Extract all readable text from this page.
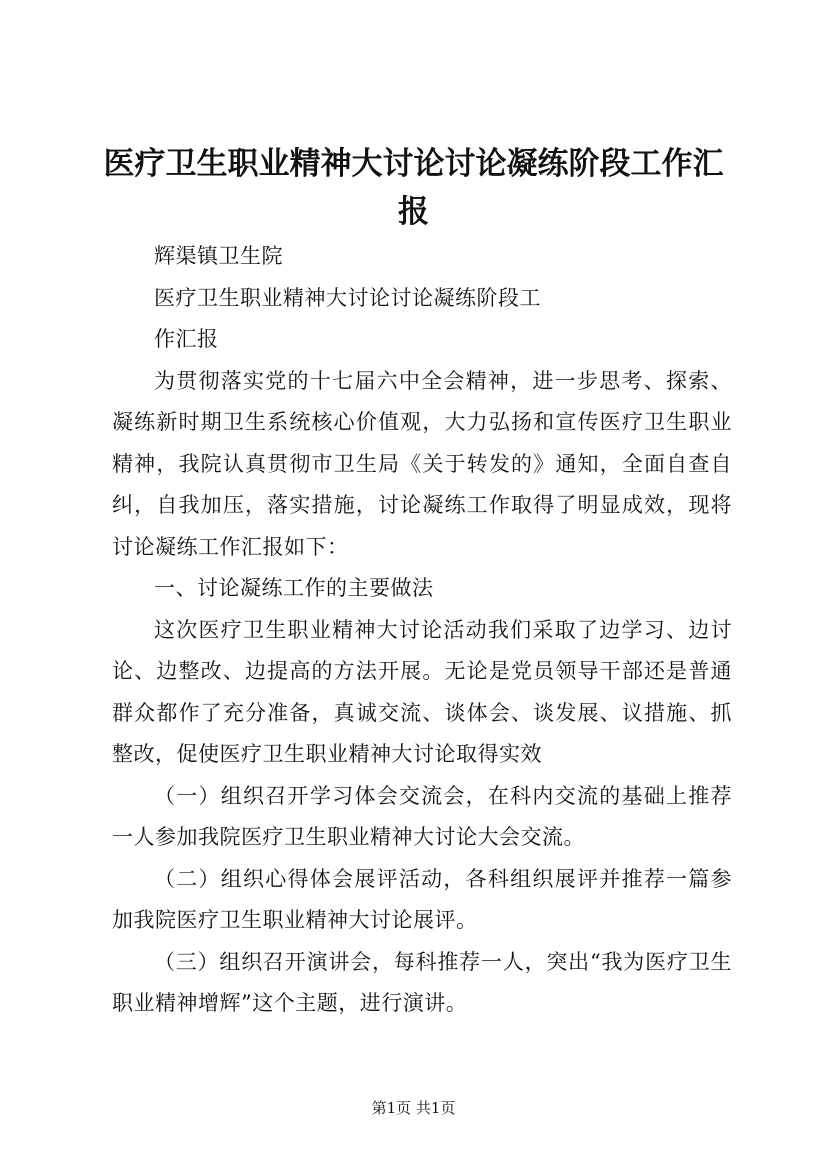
医疗卫生职业精神大讨论讨论凝练阶段工作汇报

辉渠镇卫生院

医疗卫生职业精神大讨论讨论凝练阶段工

作汇报

为贯彻落实党的十七届六中全会精神，进一步思考、探索、凝练新时期卫生系统核心价值观，大力弘扬和宣传医疗卫生职业精神，我院认真贯彻市卫生局《关于转发的》通知，全面自查自纠，自我加压，落实措施，讨论凝练工作取得了明显成效，现将讨论凝练工作汇报如下：

一、讨论凝练工作的主要做法

这次医疗卫生职业精神大讨论活动我们采取了边学习、边讨论、边整改、边提高的方法开展。无论是党员领导干部还是普通群众都作了充分准备，真诚交流、谈体会、谈发展、议措施、抓整改，促使医疗卫生职业精神大讨论取得实效

（一）组织召开学习体会交流会，在科内交流的基础上推荐一人参加我院医疗卫生职业精神大讨论大会交流。

（二）组织心得体会展评活动，各科组织展评并推荐一篇参加我院医疗卫生职业精神大讨论展评。

（三）组织召开演讲会，每科推荐一人，突出“我为医疗卫生职业精神增辉”这个主题，进行演讲。

第1页 共1页
